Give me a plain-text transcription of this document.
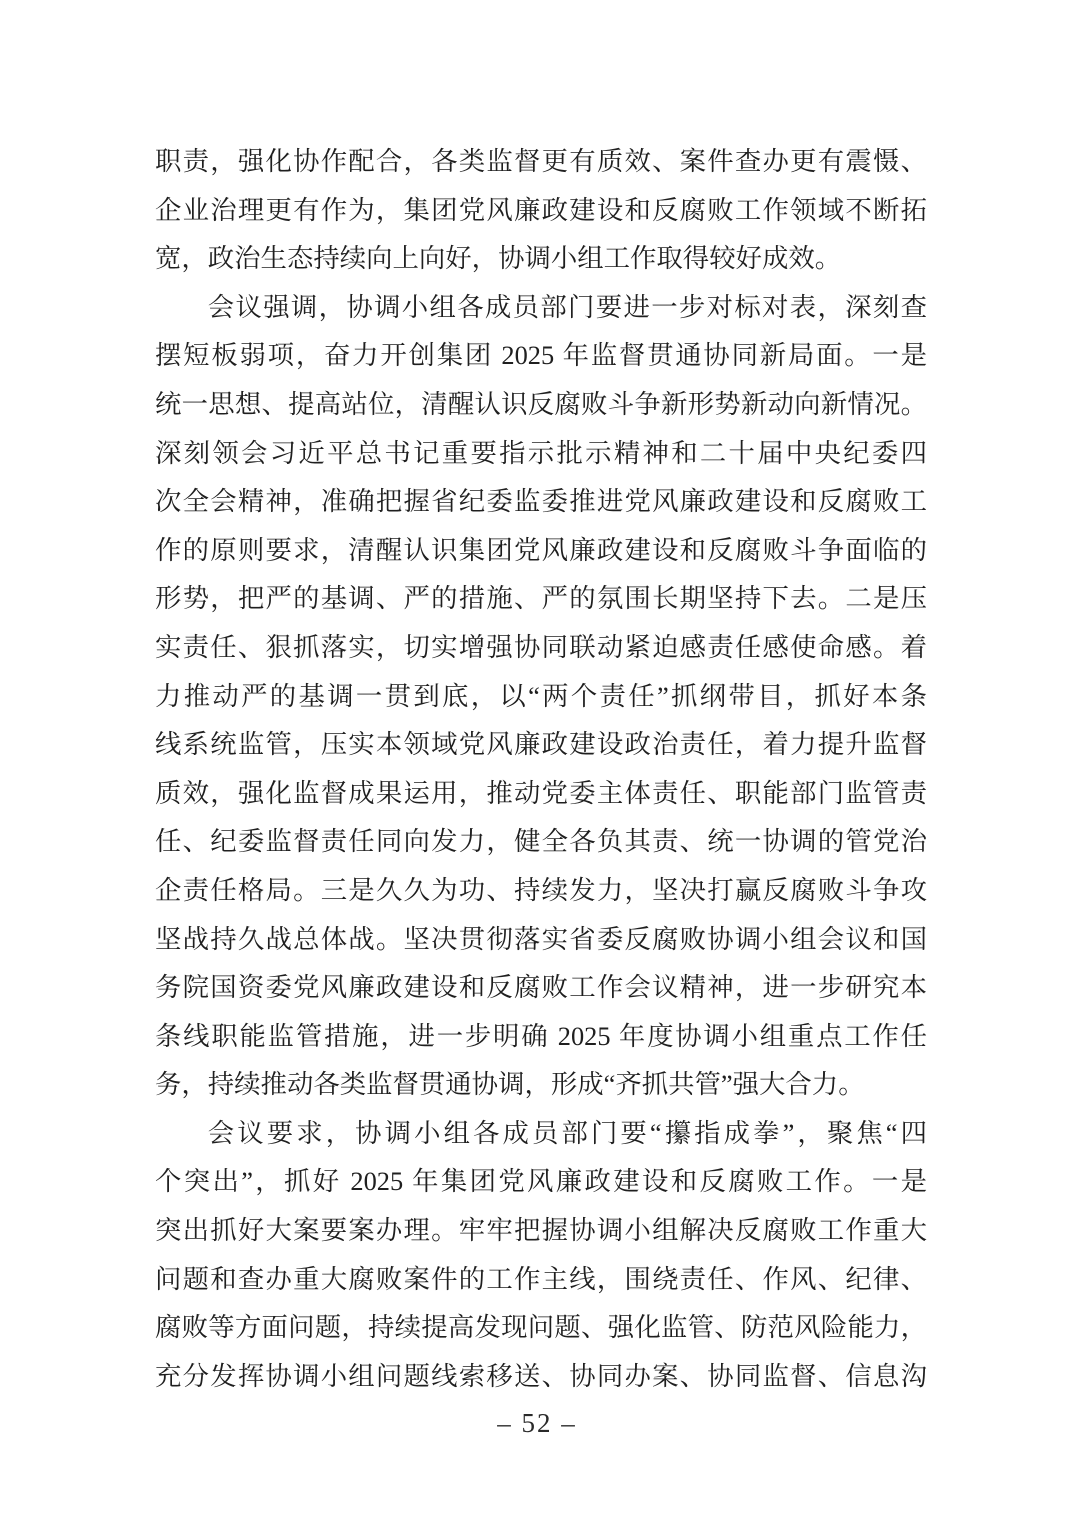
职责，强化协作配合，各类监督更有质效、案件查办更有震慑、
企业治理更有作为，集团党风廉政建设和反腐败工作领域不断拓
宽，政治生态持续向上向好，协调小组工作取得较好成效。
会议强调，协调小组各成员部门要进一步对标对表，深刻查
摆短板弱项，奋力开创集团 2025 年监督贯通协同新局面。一是
统一思想、提高站位，清醒认识反腐败斗争新形势新动向新情况。
深刻领会习近平总书记重要指示批示精神和二十届中央纪委四
次全会精神，准确把握省纪委监委推进党风廉政建设和反腐败工
作的原则要求，清醒认识集团党风廉政建设和反腐败斗争面临的
形势，把严的基调、严的措施、严的氛围长期坚持下去。二是压
实责任、狠抓落实，切实增强协同联动紧迫感责任感使命感。着
力推动严的基调一贯到底，以“两个责任”抓纲带目，抓好本条
线系统监管，压实本领域党风廉政建设政治责任，着力提升监督
质效，强化监督成果运用，推动党委主体责任、职能部门监管责
任、纪委监督责任同向发力，健全各负其责、统一协调的管党治
企责任格局。三是久久为功、持续发力，坚决打赢反腐败斗争攻
坚战持久战总体战。坚决贯彻落实省委反腐败协调小组会议和国
务院国资委党风廉政建设和反腐败工作会议精神，进一步研究本
条线职能监管措施，进一步明确 2025 年度协调小组重点工作任
务，持续推动各类监督贯通协调，形成“齐抓共管”强大合力。
会议要求，协调小组各成员部门要“攥指成拳”，聚焦“四
个突出”，抓好 2025 年集团党风廉政建设和反腐败工作。一是
突出抓好大案要案办理。牢牢把握协调小组解决反腐败工作重大
问题和查办重大腐败案件的工作主线，围绕责任、作风、纪律、
腐败等方面问题，持续提高发现问题、强化监管、防范风险能力，
充分发挥协调小组问题线索移送、协同办案、协同监督、信息沟
– 52 –
